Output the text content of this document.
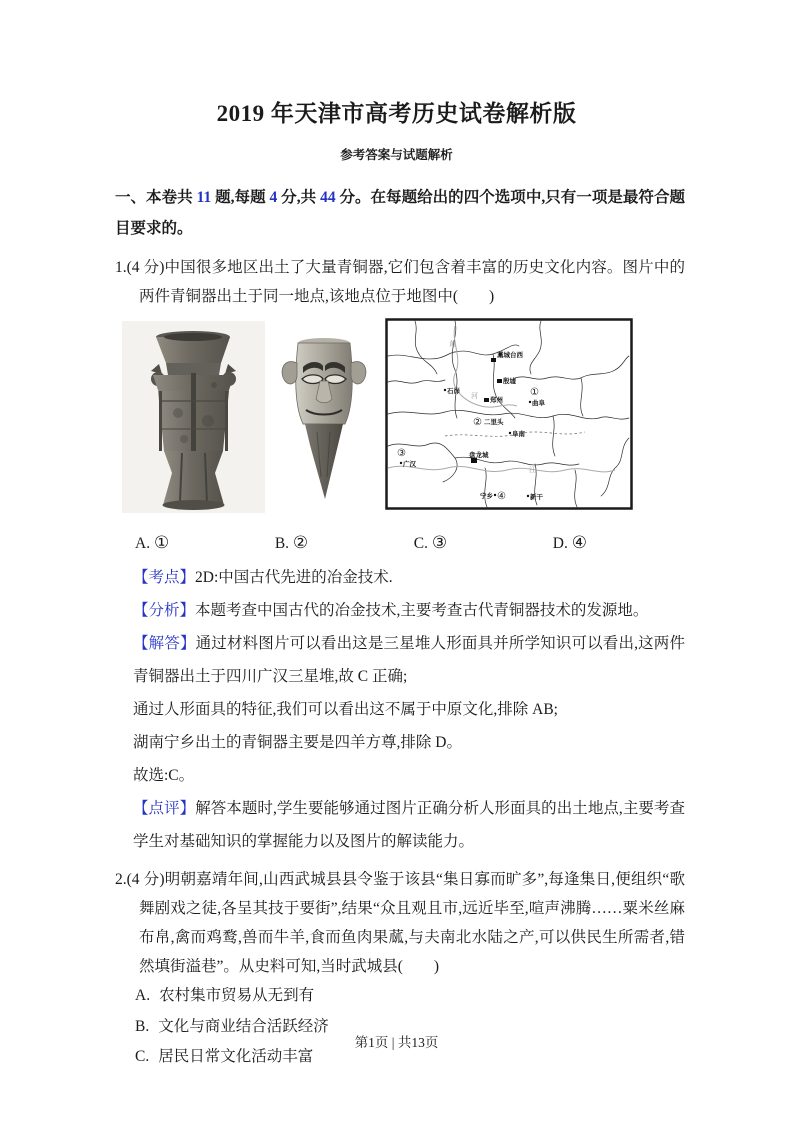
2019 年天津市高考历史试卷解析版
参考答案与试题解析

一、本卷共 11 题,每题 4 分,共 44 分。在每题给出的四个选项中,只有一项是最符合题目要求的。

1.(4 分)中国很多地区出土了大量青铜器,它们包含着丰富的历史文化内容。图片中的两件青铜器出土于同一地点,该地点位于地图中(　　)

黄
河
江
石峁
藁城台西
殷墟
郑州
①
曲阜
② 二里头
阜南
③
广汉
盘龙城
宁乡 ④	新干
A. ①	B. ②	C. ③	D. ④

【考点】2D:中国古代先进的冶金技术.

【分析】本题考查中国古代的冶金技术,主要考查古代青铜器技术的发源地。

【解答】通过材料图片可以看出这是三星堆人形面具并所学知识可以看出,这两件青铜器出土于四川广汉三星堆,故 C 正确;

通过人形面具的特征,我们可以看出这不属于中原文化,排除 AB;

湖南宁乡出土的青铜器主要是四羊方尊,排除 D。

故选:C。

【点评】解答本题时,学生要能够通过图片正确分析人形面具的出土地点,主要考查学生对基础知识的掌握能力以及图片的解读能力。

2.(4 分)明朝嘉靖年间,山西武城县县令鉴于该县“集日寡而旷多”,每逢集日,便组织“歌舞剧戏之徒,各呈其技于要街”,结果“众且观且市,远近毕至,喧声沸腾……粟米丝麻布帛,禽而鸡鹜,兽而牛羊,食而鱼肉果蓏,与夫南北水陆之产,可以供民生所需者,错然填街溢巷”。从史料可知,当时武城县(　　)

A. 农村集市贸易从无到有

B. 文化与商业结合活跃经济

C. 居民日常文化活动丰富

第1页 | 共13页
